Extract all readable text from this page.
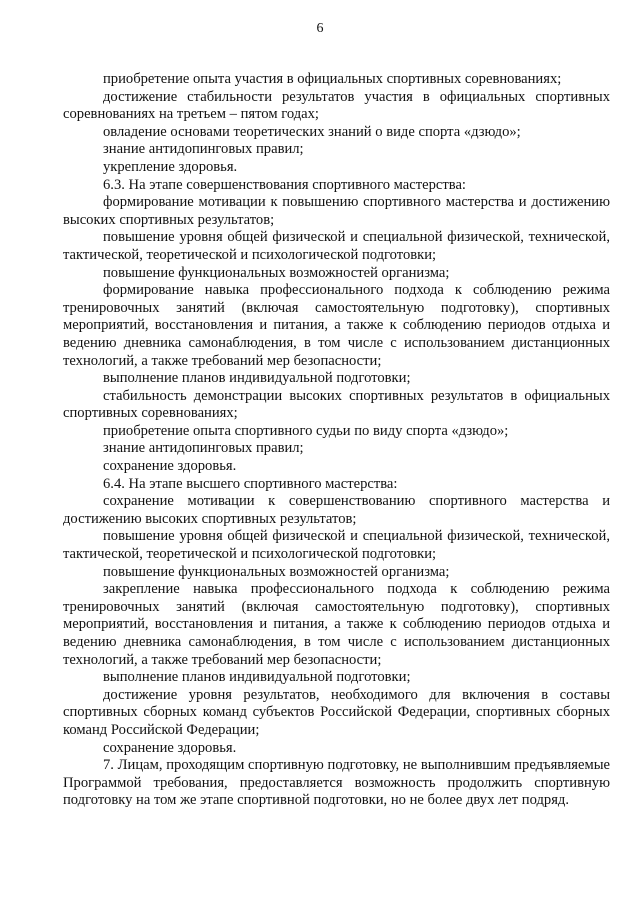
6

приобретение опыта участия в официальных спортивных соревнованиях;

достижение стабильности результатов участия в официальных спортивных соревнованиях на третьем – пятом годах;

овладение основами теоретических знаний о виде спорта «дзюдо»;

знание антидопинговых правил;

укрепление здоровья.

6.3. На этапе совершенствования спортивного мастерства:

формирование мотивации к повышению спортивного мастерства и достижению высоких спортивных результатов;

повышение уровня общей физической и специальной физической, технической, тактической, теоретической и психологической подготовки;

повышение функциональных возможностей организма;

формирование навыка профессионального подхода к соблюдению режима тренировочных занятий (включая самостоятельную подготовку), спортивных мероприятий, восстановления и питания, а также к соблюдению периодов отдыха и ведению дневника самонаблюдения, в том числе с использованием дистанционных технологий, а также требований мер безопасности;

выполнение планов индивидуальной подготовки;

стабильность демонстрации высоких спортивных результатов в официальных спортивных соревнованиях;

приобретение опыта спортивного судьи по виду спорта «дзюдо»;

знание антидопинговых правил;

сохранение здоровья.

6.4. На этапе высшего спортивного мастерства:

сохранение мотивации к совершенствованию спортивного мастерства и достижению высоких спортивных результатов;

повышение уровня общей физической и специальной физической, технической, тактической, теоретической и психологической подготовки;

повышение функциональных возможностей организма;

закрепление навыка профессионального подхода к соблюдению режима тренировочных занятий (включая самостоятельную подготовку), спортивных мероприятий, восстановления и питания, а также к соблюдению периодов отдыха и ведению дневника самонаблюдения, в том числе с использованием дистанционных технологий, а также требований мер безопасности;

выполнение планов индивидуальной подготовки;

достижение уровня результатов, необходимого для включения в составы спортивных сборных команд субъектов Российской Федерации, спортивных сборных команд Российской Федерации;

сохранение здоровья.

7. Лицам, проходящим спортивную подготовку, не выполнившим предъявляемые Программой требования, предоставляется возможность продолжить спортивную подготовку на том же этапе спортивной подготовки, но не более двух лет подряд.
